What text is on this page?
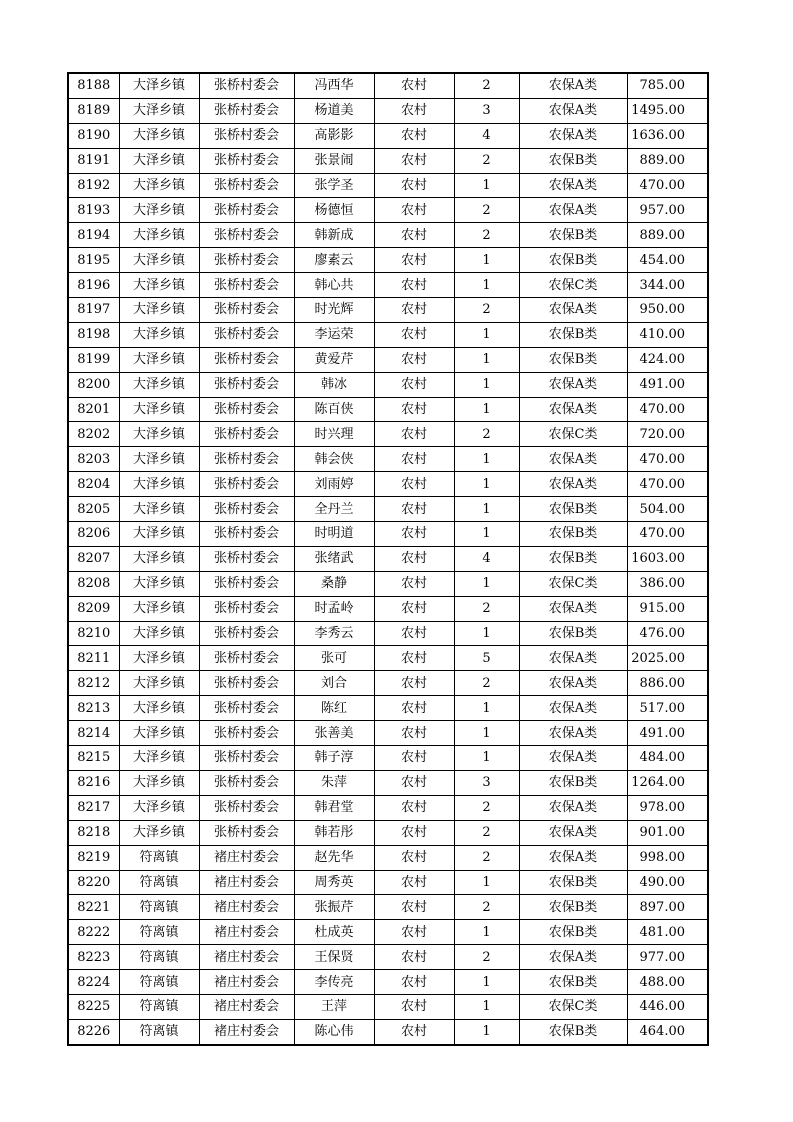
8188	大泽乡镇	张桥村委会	冯西华	农村	2	农保A类	785.00
8189	大泽乡镇	张桥村委会	杨道美	农村	3	农保A类	1495.00
8190	大泽乡镇	张桥村委会	高影影	农村	4	农保A类	1636.00
8191	大泽乡镇	张桥村委会	张景闹	农村	2	农保B类	889.00
8192	大泽乡镇	张桥村委会	张学圣	农村	1	农保A类	470.00
8193	大泽乡镇	张桥村委会	杨德恒	农村	2	农保A类	957.00
8194	大泽乡镇	张桥村委会	韩新成	农村	2	农保B类	889.00
8195	大泽乡镇	张桥村委会	廖素云	农村	1	农保B类	454.00
8196	大泽乡镇	张桥村委会	韩心共	农村	1	农保C类	344.00
8197	大泽乡镇	张桥村委会	时光辉	农村	2	农保A类	950.00
8198	大泽乡镇	张桥村委会	李运荣	农村	1	农保B类	410.00
8199	大泽乡镇	张桥村委会	黄爱芹	农村	1	农保B类	424.00
8200	大泽乡镇	张桥村委会	韩冰	农村	1	农保A类	491.00
8201	大泽乡镇	张桥村委会	陈百侠	农村	1	农保A类	470.00
8202	大泽乡镇	张桥村委会	时兴理	农村	2	农保C类	720.00
8203	大泽乡镇	张桥村委会	韩会侠	农村	1	农保A类	470.00
8204	大泽乡镇	张桥村委会	刘雨婷	农村	1	农保A类	470.00
8205	大泽乡镇	张桥村委会	全丹兰	农村	1	农保B类	504.00
8206	大泽乡镇	张桥村委会	时明道	农村	1	农保B类	470.00
8207	大泽乡镇	张桥村委会	张绪武	农村	4	农保B类	1603.00
8208	大泽乡镇	张桥村委会	桑静	农村	1	农保C类	386.00
8209	大泽乡镇	张桥村委会	时孟岭	农村	2	农保A类	915.00
8210	大泽乡镇	张桥村委会	李秀云	农村	1	农保B类	476.00
8211	大泽乡镇	张桥村委会	张可	农村	5	农保A类	2025.00
8212	大泽乡镇	张桥村委会	刘合	农村	2	农保A类	886.00
8213	大泽乡镇	张桥村委会	陈红	农村	1	农保A类	517.00
8214	大泽乡镇	张桥村委会	张善美	农村	1	农保A类	491.00
8215	大泽乡镇	张桥村委会	韩子淳	农村	1	农保A类	484.00
8216	大泽乡镇	张桥村委会	朱萍	农村	3	农保B类	1264.00
8217	大泽乡镇	张桥村委会	韩君堂	农村	2	农保A类	978.00
8218	大泽乡镇	张桥村委会	韩若彤	农村	2	农保A类	901.00
8219	符离镇	褚庄村委会	赵先华	农村	2	农保A类	998.00
8220	符离镇	褚庄村委会	周秀英	农村	1	农保B类	490.00
8221	符离镇	褚庄村委会	张振芹	农村	2	农保B类	897.00
8222	符离镇	褚庄村委会	杜成英	农村	1	农保B类	481.00
8223	符离镇	褚庄村委会	王保贤	农村	2	农保A类	977.00
8224	符离镇	褚庄村委会	李传亮	农村	1	农保B类	488.00
8225	符离镇	褚庄村委会	王萍	农村	1	农保C类	446.00
8226	符离镇	褚庄村委会	陈心伟	农村	1	农保B类	464.00
